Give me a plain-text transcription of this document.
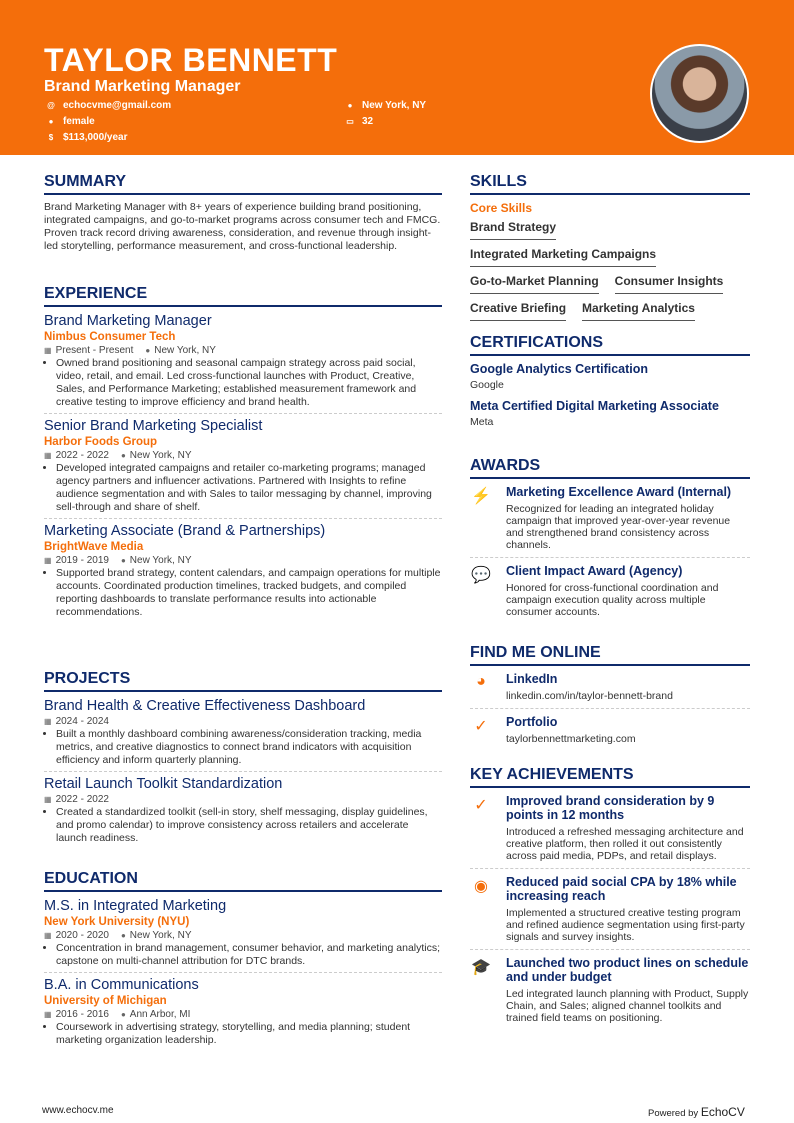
TAYLOR BENNETT
Brand Marketing Manager
@ echocvme@gmail.com
● female
$ $113,000/year
● New York, NY
▭ 32
SUMMARY

Brand Marketing Manager with 8+ years of experience building brand positioning, integrated campaigns, and go-to-market programs across consumer tech and FMCG. Proven track record driving awareness, consideration, and revenue through insight-led storytelling, performance measurement, and cross-functional leadership.

EXPERIENCE
Brand Marketing Manager
Nimbus Consumer Tech
▦ Present - Present ● New York, NY
• Owned brand positioning and seasonal campaign strategy across paid social, video, retail, and email. Led cross-functional launches with Product, Creative, Sales, and Performance Marketing; established measurement framework and creative testing to improve efficiency and brand health.
Senior Brand Marketing Specialist
Harbor Foods Group
▦ 2022 - 2022 ● New York, NY
• Developed integrated campaigns and retailer co-marketing programs; managed agency partners and influencer activations. Partnered with Insights to refine audience segmentation and with Sales to tailor messaging by channel, improving sell-through and share of shelf.
Marketing Associate (Brand & Partnerships)
BrightWave Media
▦ 2019 - 2019 ● New York, NY
• Supported brand strategy, content calendars, and campaign operations for multiple accounts. Coordinated production timelines, tracked budgets, and compiled reporting dashboards to translate performance results into actionable recommendations.
PROJECTS
Brand Health & Creative Effectiveness Dashboard
▦ 2024 - 2024
• Built a monthly dashboard combining awareness/consideration tracking, media metrics, and creative diagnostics to connect brand indicators with acquisition efficiency and inform quarterly planning.
Retail Launch Toolkit Standardization
▦ 2022 - 2022
• Created a standardized toolkit (sell-in story, shelf messaging, display guidelines, and promo calendar) to improve consistency across retailers and accelerate launch readiness.
EDUCATION
M.S. in Integrated Marketing
New York University (NYU)
▦ 2020 - 2020 ● New York, NY
• Concentration in brand management, consumer behavior, and marketing analytics; capstone on multi-channel attribution for DTC brands.
B.A. in Communications
University of Michigan
▦ 2016 - 2016 ● Ann Arbor, MI
• Coursework in advertising strategy, storytelling, and media planning; student marketing organization leadership.
SKILLS
Core Skills
Brand Strategy
Integrated Marketing Campaigns
Go-to-Market Planning Consumer Insights
Creative Briefing Marketing Analytics
CERTIFICATIONS
Google Analytics Certification
Google
Meta Certified Digital Marketing Associate
Meta
AWARDS
⚡ Marketing Excellence Award (Internal)
Recognized for leading an integrated holiday campaign that improved year-over-year revenue and strengthened brand consistency across channels.
💬 Client Impact Award (Agency)
Honored for cross-functional coordination and campaign execution quality across multiple consumer accounts.
FIND ME ONLINE
◕	LinkedIn
linkedin.com/in/taylor-bennett-brand
✓	Portfolio
taylorbennettmarketing.com
KEY ACHIEVEMENTS
✓	Improved brand consideration by 9 points in 12 months
Introduced a refreshed messaging architecture and creative platform, then rolled it out consistently across paid media, PDPs, and retail displays.
◉	Reduced paid social CPA by 18% while increasing reach
Implemented a structured creative testing program and refined audience segmentation using first-party signals and survey insights.
🎓 Launched two product lines on schedule and under budget
Led integrated launch planning with Product, Supply Chain, and Sales; aligned channel toolkits and trained field teams on positioning.
www.echocv.me	Powered by EchoCV
